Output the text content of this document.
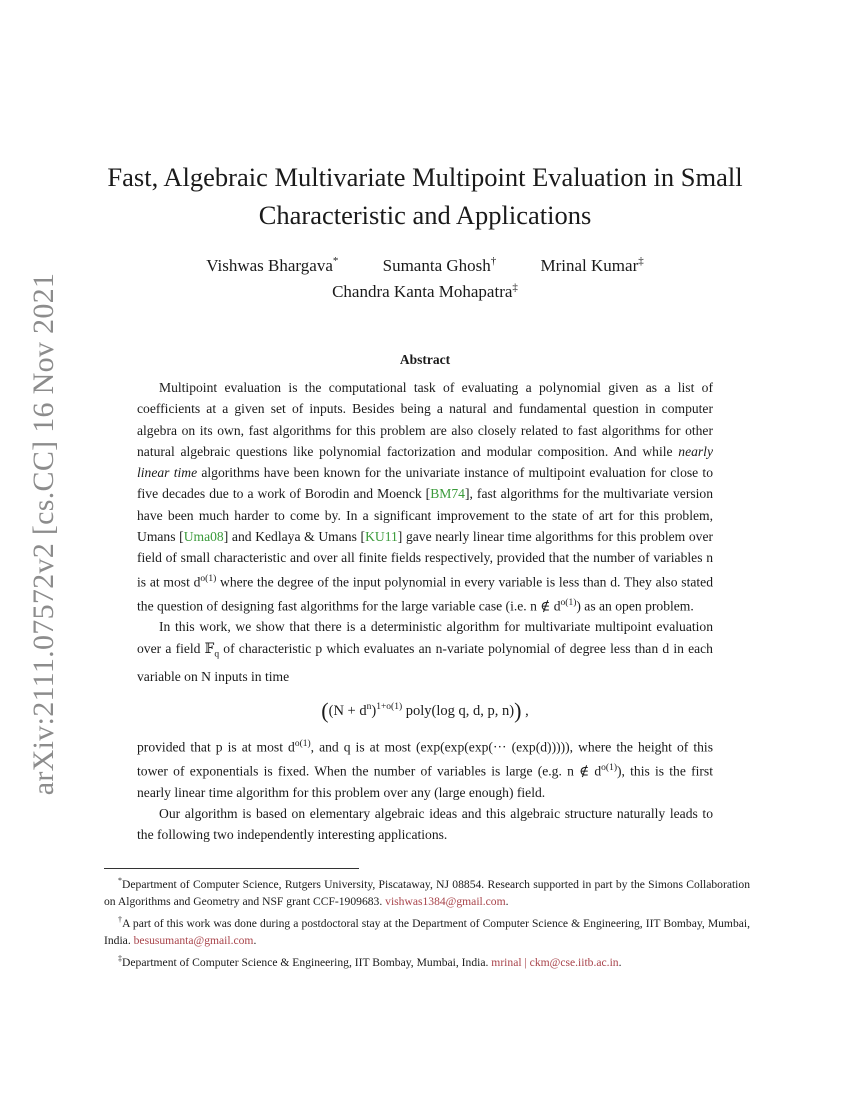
arXiv:2111.07572v2 [cs.CC] 16 Nov 2021
Fast, Algebraic Multivariate Multipoint Evaluation in Small
Characteristic and Applications
Vishwas Bhargava*	Sumanta Ghosh†	Mrinal Kumar‡
Chandra Kanta Mohapatra‡
Abstract

Multipoint evaluation is the computational task of evaluating a polynomial given as a list of coefficients at a given set of inputs. Besides being a natural and fundamental question in computer algebra on its own, fast algorithms for this problem are also closely related to fast algorithms for other natural algebraic questions like polynomial factorization and modular composition. And while nearly linear time algorithms have been known for the univariate instance of multipoint evaluation for close to five decades due to a work of Borodin and Moenck [BM74], fast algorithms for the multivariate version have been much harder to come by. In a significant improvement to the state of art for this problem, Umans [Uma08] and Kedlaya & Umans [KU11] gave nearly linear time algorithms for this problem over field of small characteristic and over all finite fields respectively, provided that the number of variables n is at most $d^{o(1)}$ where the degree of the input polynomial in every variable is less than d. They also stated the question of designing fast algorithms for the large variable case (i.e. n ∉ $d^{o(1)}$) as an open problem.

In this work, we show that there is a deterministic algorithm for multivariate multipoint evaluation over a field 𝔽$_q$ of characteristic p which evaluates an n-variate polynomial of degree less than d in each variable on N inputs in time

($(N + d^n)^{1+o(1)}$ poly(log q, d, p, n)) ,

provided that p is at most $d^{o(1)}$, and q is at most (exp(exp(exp(··· (exp(d))))), where the height of this tower of exponentials is fixed. When the number of variables is large (e.g. n ∉ $d^{o(1)}$), this is the first nearly linear time algorithm for this problem over any (large enough) field.

Our algorithm is based on elementary algebraic ideas and this algebraic structure naturally leads to the following two independently interesting applications.

*Department of Computer Science, Rutgers University, Piscataway, NJ 08854. Research supported in part by the Simons Collaboration on Algorithms and Geometry and NSF grant CCF-1909683. vishwas1384@gmail.com.

†A part of this work was done during a postdoctoral stay at the Department of Computer Science & Engineering, IIT Bombay, Mumbai, India. besusumanta@gmail.com.

‡Department of Computer Science & Engineering, IIT Bombay, Mumbai, India. mrinal | ckm@cse.iitb.ac.in.
